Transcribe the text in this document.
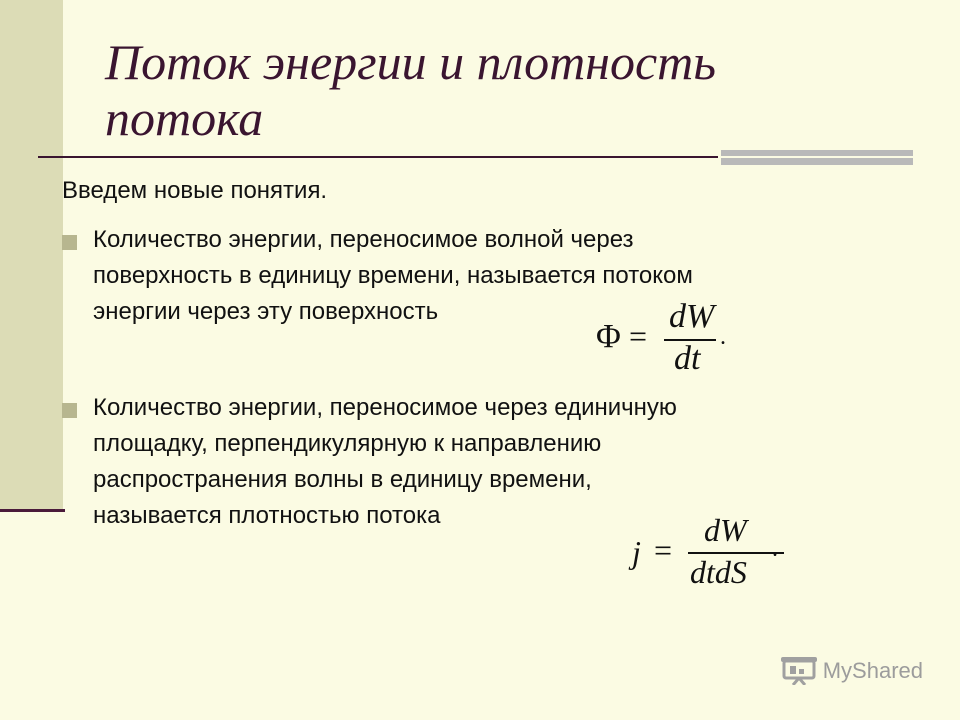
Поток энергии и плотность
потока
Введем новые понятия.
Количество энергии, переносимое волной через
поверхность в единицу времени, называется потоком
энергии через эту поверхность
Φ =
dW
dt
.
Количество энергии, переносимое через единичную
площадку, перпендикулярную к направлению
распространения волны в единицу времени,
называется плотностью потока
j =
dW
dtdS
.
MyShared
